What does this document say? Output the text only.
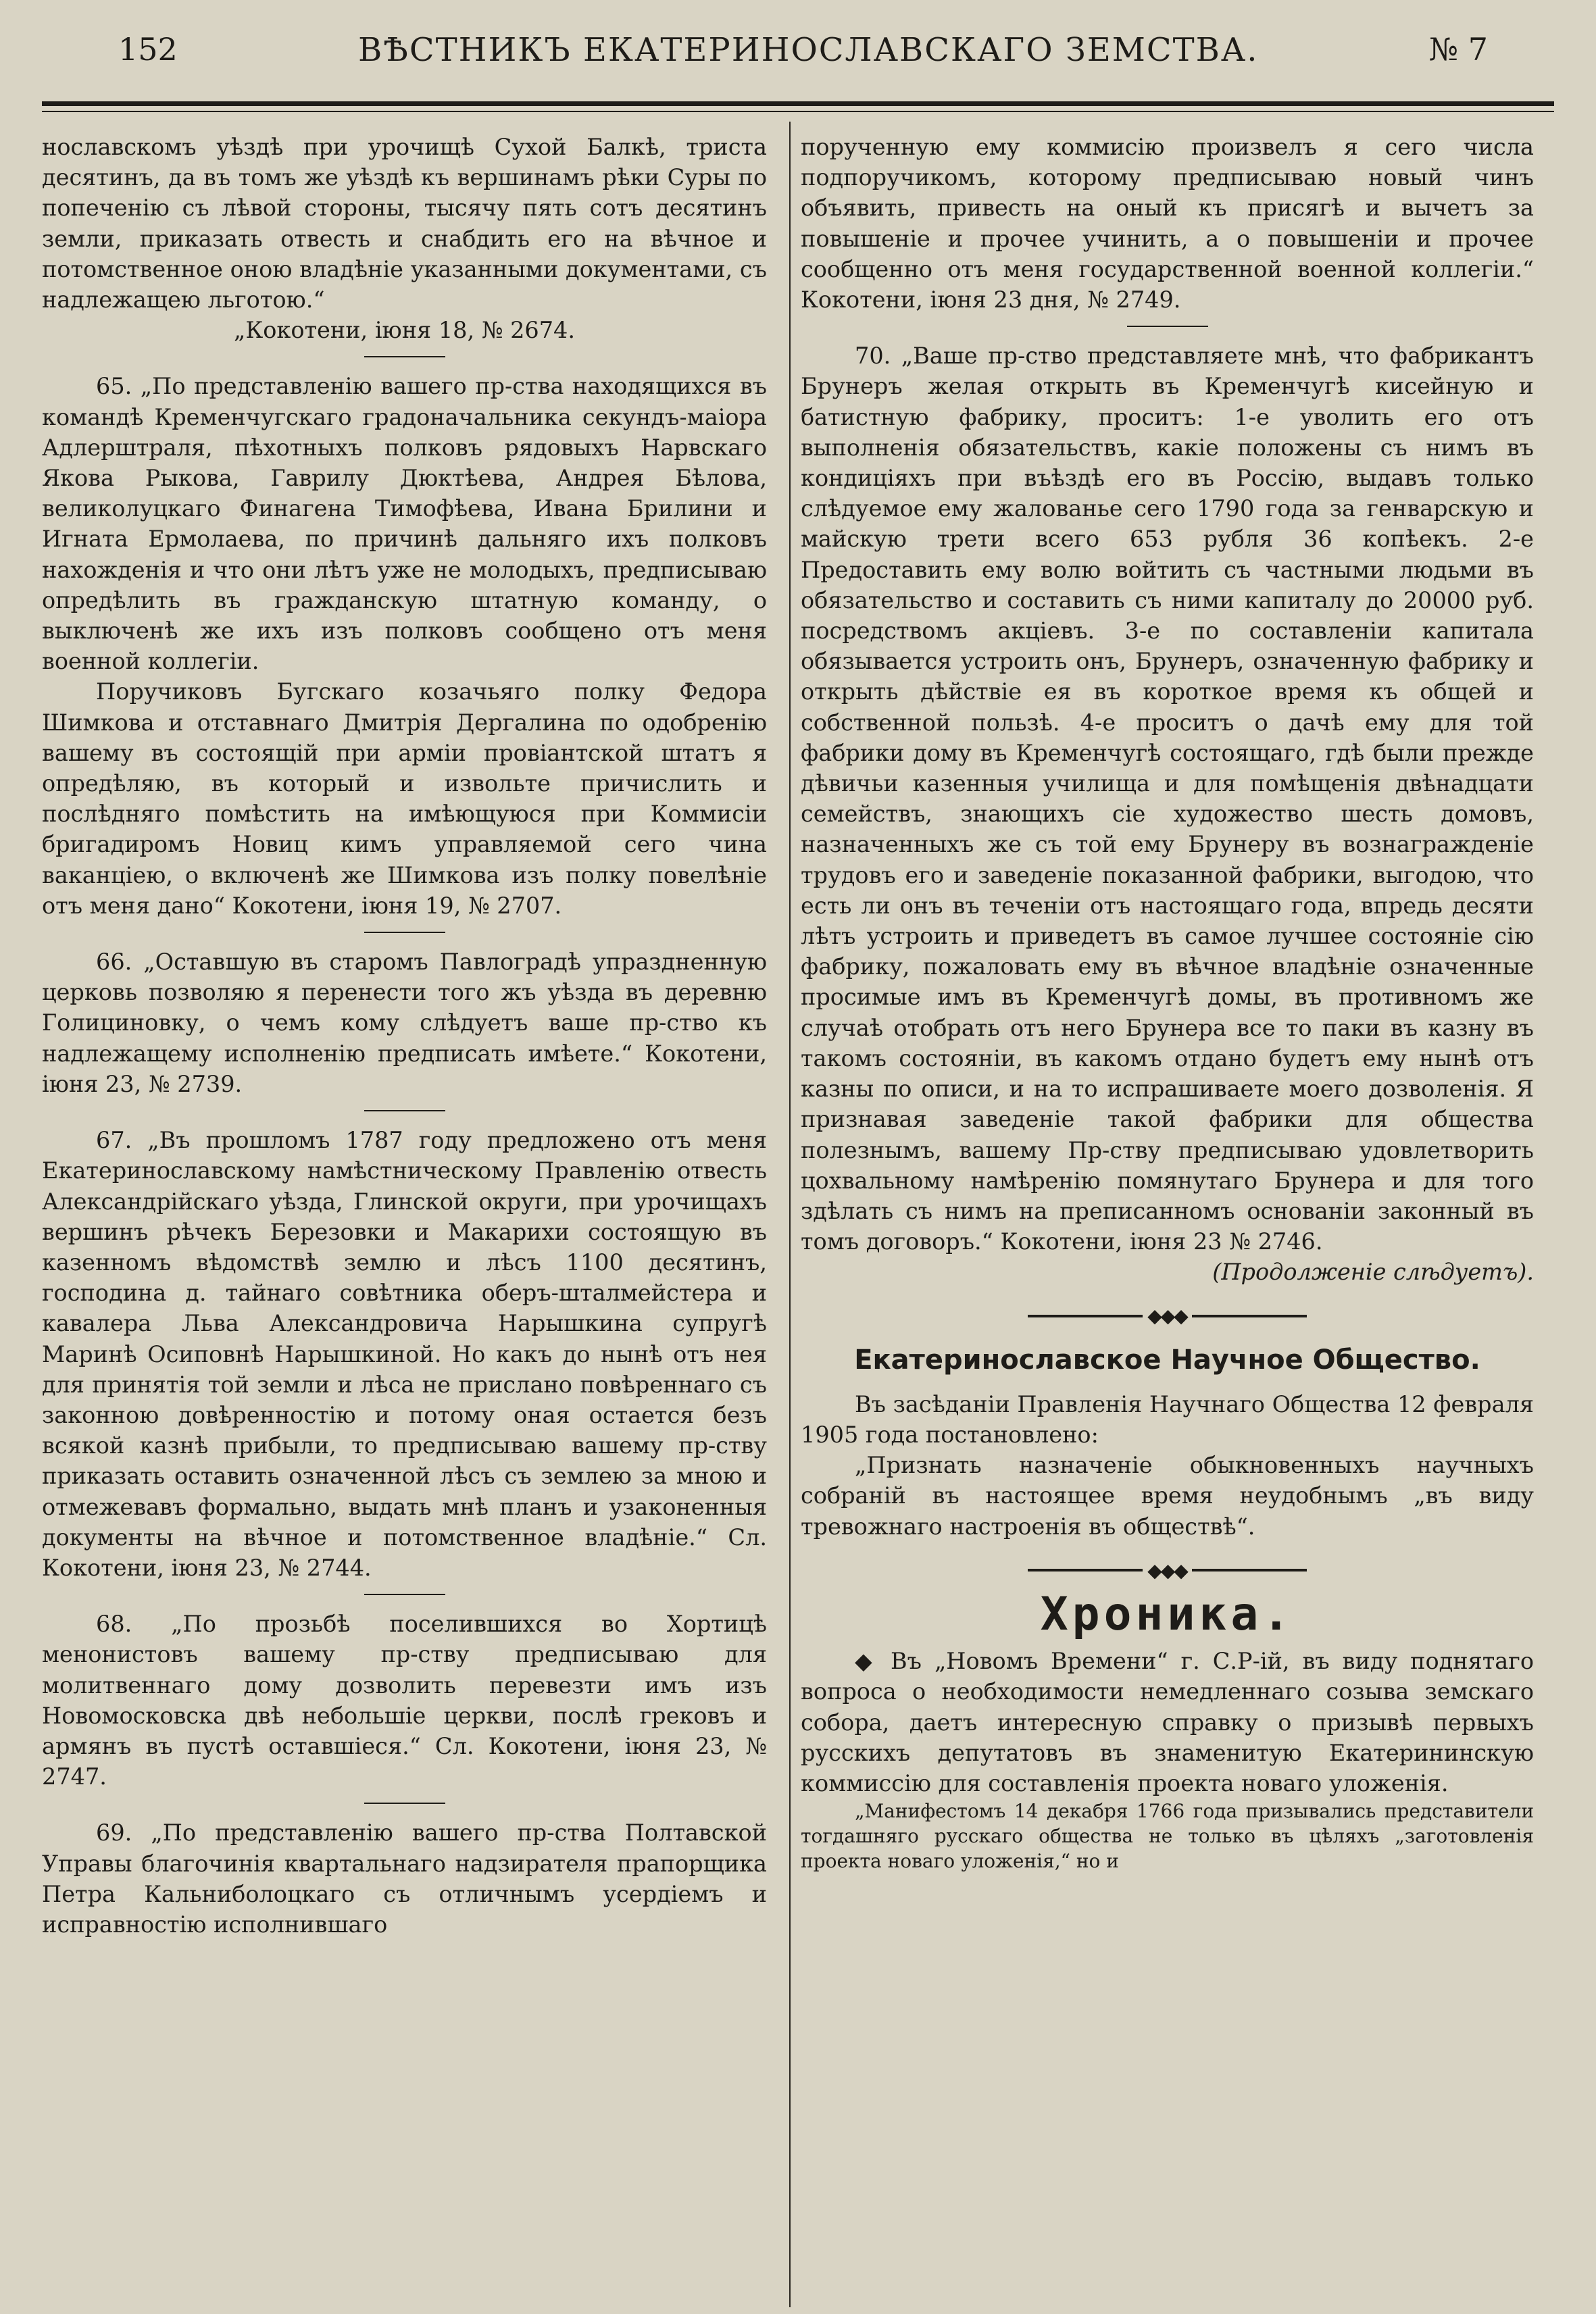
152	ВѢСТНИКЪ ЕКАТЕРИНОСЛАВСКАГО ЗЕМСТВА.	№ 7

нославскомъ уѣздѣ при урочищѣ Сухой Балкѣ, триста десятинъ, да въ томъ же уѣздѣ къ вершинамъ рѣки Суры по попеченію съ лѣвой стороны, тысячу пять сотъ десятинъ земли, приказать отвесть и снабдить его на вѣчное и потомственное оною владѣніе указанными документами, съ надлежащею льготою.“

„Кокотени, іюня 18, № 2674.

65. „По представленію вашего пр-ства находящихся въ командѣ Кременчугскаго градоначальника секундъ-маіора Адлерштраля, пѣхотныхъ полковъ рядовыхъ Нарвскаго Якова Рыкова, Гаврилу Дюктѣева, Андрея Бѣлова, великолуцкаго Финагена Тимофѣева, Ивана Брилини и Игната Ермолаева, по причинѣ дальняго ихъ полковъ нахожденія и что они лѣтъ уже не молодыхъ, предписываю опредѣлить въ гражданскую штатную команду, о выключенѣ же ихъ изъ полковъ сообщено отъ меня военной коллегіи.

Поручиковъ Бугскаго козачьяго полку Федора Шимкова и отставнаго Дмитрія Дергалина по одобренію вашему въ состоящій при арміи провіантской штатъ я опредѣляю, въ который и извольте причислить и послѣдняго помѣстить на имѣющуюся при Коммисіи бригадиромъ Новиц кимъ управляемой сего чина ваканціею, о включенѣ же Шимкова изъ полку повелѣніе отъ меня дано“ Кокотени, іюня 19, № 2707.

66. „Оставшую въ старомъ Павлоградѣ упраздненную церковь позволяю я перенести того жъ уѣзда въ деревню Голициновку, о чемъ кому слѣдуетъ ваше пр-ство къ надлежащему исполненію предписать имѣете.“ Кокотени, іюня 23, № 2739.

67. „Въ прошломъ 1787 году предложено отъ меня Екатеринославскому намѣстническому Правленію отвесть Александрійскаго уѣзда, Глинской округи, при урочищахъ вершинъ рѣчекъ Березовки и Макарихи состоящую въ казенномъ вѣдомствѣ землю и лѣсъ 1100 десятинъ, господина д. тайнаго совѣтника оберъ-шталмейстера и кавалера Льва Александровича Нарышкина супругѣ Маринѣ Осиповнѣ Нарышкиной. Но какъ до нынѣ отъ нея для принятія той земли и лѣса не прислано повѣреннаго съ законною довѣренностію и потому оная остается безъ всякой казнѣ прибыли, то предписываю вашему пр-ству приказать оставить означенной лѣсъ съ землею за мною и отмежевавъ формально, выдать мнѣ планъ и узаконенныя документы на вѣчное и потомственное владѣніе.“ Сл. Кокотени, іюня 23, № 2744.

68. „По прозьбѣ поселившихся во Хортицѣ менонистовъ вашему пр-ству предписываю для молитвеннаго дому дозволить перевезти имъ изъ Новомосковска двѣ небольшіе церкви, послѣ грековъ и армянъ въ пустѣ оставшіеся.“ Сл. Кокотени, іюня 23, № 2747.

69. „По представленію вашего пр-ства Полтавской Управы благочинія квартальнаго надзирателя прапорщика Петра Кальниболоцкаго съ отличнымъ усердіемъ и исправностію исполнившаго

порученную ему коммисію произвелъ я сего числа подпоручикомъ, которому предписываю новый чинъ объявить, привесть на оный къ присягѣ и вычетъ за повышеніе и прочее учинить, а о повышеніи и прочее сообщенно отъ меня государственной военной коллегіи.“ Кокотени, іюня 23 дня, № 2749.

70. „Ваше пр-ство представляете мнѣ, что фабрикантъ Брунеръ желая открыть въ Кременчугѣ кисейную и батистную фабрику, проситъ: 1-е уволить его отъ выполненія обязательствъ, какіе положены съ нимъ въ кондиціяхъ при въѣздѣ его въ Россію, выдавъ только слѣдуемое ему жалованье сего 1790 года за генварскую и майскую трети всего 653 рубля 36 копѣекъ. 2-е Предоставить ему волю войтить съ частными людьми въ обязательство и составить съ ними капиталу до 20000 руб. посредствомъ акціевъ. 3-е по составленіи капитала обязывается устроить онъ, Брунеръ, означенную фабрику и открыть дѣйствіе ея въ короткое время къ общей и собственной пользѣ. 4-е проситъ о дачѣ ему для той фабрики дому въ Кременчугѣ состоящаго, гдѣ были прежде дѣвичьи казенныя училища и для помѣщенія двѣнадцати семействъ, знающихъ сіе художество шесть домовъ, назначенныхъ же съ той ему Брунеру въ вознагражденіе трудовъ его и заведеніе показанной фабрики, выгодою, что есть ли онъ въ теченіи отъ настоящаго года, впредь десяти лѣтъ устроить и приведетъ въ самое лучшее состояніе сію фабрику, пожаловать ему въ вѣчное владѣніе означенные просимые имъ въ Кременчугѣ домы, въ противномъ же случаѣ отобрать отъ него Брунера все то паки въ казну въ такомъ состояніи, въ какомъ отдано будетъ ему нынѣ отъ казны по описи, и на то испрашиваете моего дозволенія. Я признавая заведеніе такой фабрики для общества полезнымъ, вашему Пр-ству предписываю удовлетворить цохвальному намѣренію помянутаго Брунера и для того здѣлать съ нимъ на преписанномъ основаніи законный въ томъ договоръ.“ Кокотени, іюня 23 № 2746.

(Продолженіе слѣдуетъ).

◆◆◆
Екатеринославское Научное Общество.

Въ засѣданіи Правленія Научнаго Общества 12 февраля 1905 года постановлено:

„Признать назначеніе обыкновенныхъ научныхъ собраній въ настоящее время неудобнымъ „въ виду тревожнаго настроенія въ обществѣ“.

◆◆◆
Хроника.

◆ Въ „Новомъ Времени“ г. С.Р-ій, въ виду поднятаго вопроса о необходимости немедленнаго созыва земскаго собора, даетъ интересную справку о призывѣ первыхъ русскихъ депутатовъ въ знаменитую Екатерининскую коммиссію для составленія проекта новаго уложенія.

„Манифестомъ 14 декабря 1766 года призывались представители тогдашняго русскаго общества не только въ цѣляхъ „заготовленія проекта новаго уложенія,“ но и
